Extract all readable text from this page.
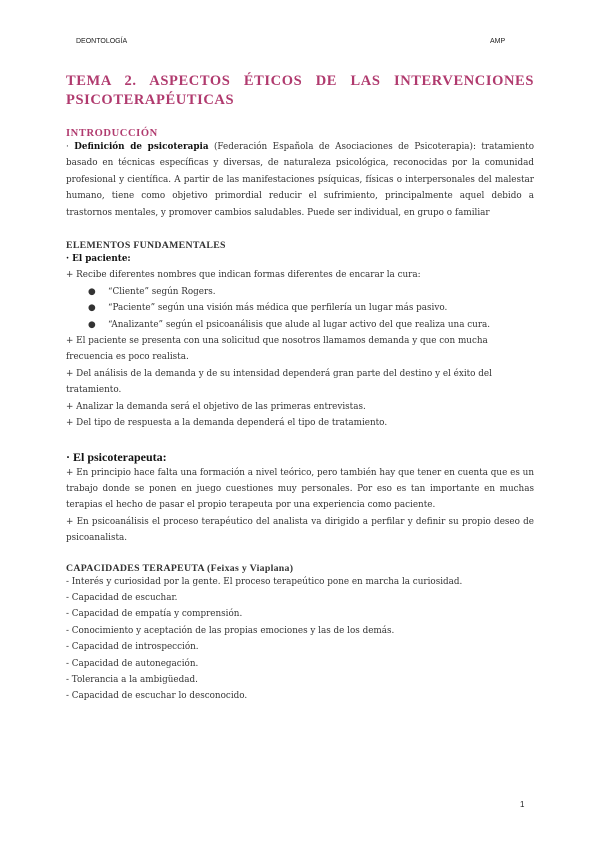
DEONTOLOGÍA	AMP
TEMA 2. ASPECTOS ÉTICOS DE LAS INTERVENCIONES
PSICOTERAPÉUTICAS
INTRODUCCIÓN

· Definición de psicoterapia (Federación Española de Asociaciones de Psicoterapia): tratamiento basado en técnicas específicas y diversas, de naturaleza psicológica, reconocidas por la comunidad profesional y científica. A partir de las manifestaciones psíquicas, físicas o interpersonales del malestar humano, tiene como objetivo primordial reducir el sufrimiento, principalmente aquel debido a trastornos mentales, y promover cambios saludables. Puede ser individual, en grupo o familiar

ELEMENTOS FUNDAMENTALES

· El paciente:

+ Recibe diferentes nombres que indican formas diferentes de encarar la cura:

● “Cliente” según Rogers.
● “Paciente” según una visión más médica que perfilería un lugar más pasivo.
● “Analizante” según el psicoanálisis que alude al lugar activo del que realiza una cura.

+ El paciente se presenta con una solicitud que nosotros llamamos demanda y que con mucha frecuencia es poco realista.

+ Del análisis de la demanda y de su intensidad dependerá gran parte del destino y el éxito del tratamiento.

+ Analizar la demanda será el objetivo de las primeras entrevistas.

+ Del tipo de respuesta a la demanda dependerá el tipo de tratamiento.

· El psicoterapeuta:

+ En principio hace falta una formación a nivel teórico, pero también hay que tener en cuenta que es un trabajo donde se ponen en juego cuestiones muy personales. Por eso es tan importante en muchas terapias el hecho de pasar el propio terapeuta por una experiencia como paciente.

+ En psicoanálisis el proceso terapéutico del analista va dirigido a perfilar y definir su propio deseo de psicoanalista.

CAPACIDADES TERAPEUTA (Feixas y Viaplana)

- Interés y curiosidad por la gente. El proceso terapeútico pone en marcha la curiosidad.

- Capacidad de escuchar.

- Capacidad de empatía y comprensión.

- Conocimiento y aceptación de las propias emociones y las de los demás.

- Capacidad de introspección.

- Capacidad de autonegación.

- Tolerancia a la ambigüedad.

- Capacidad de escuchar lo desconocido.

1
